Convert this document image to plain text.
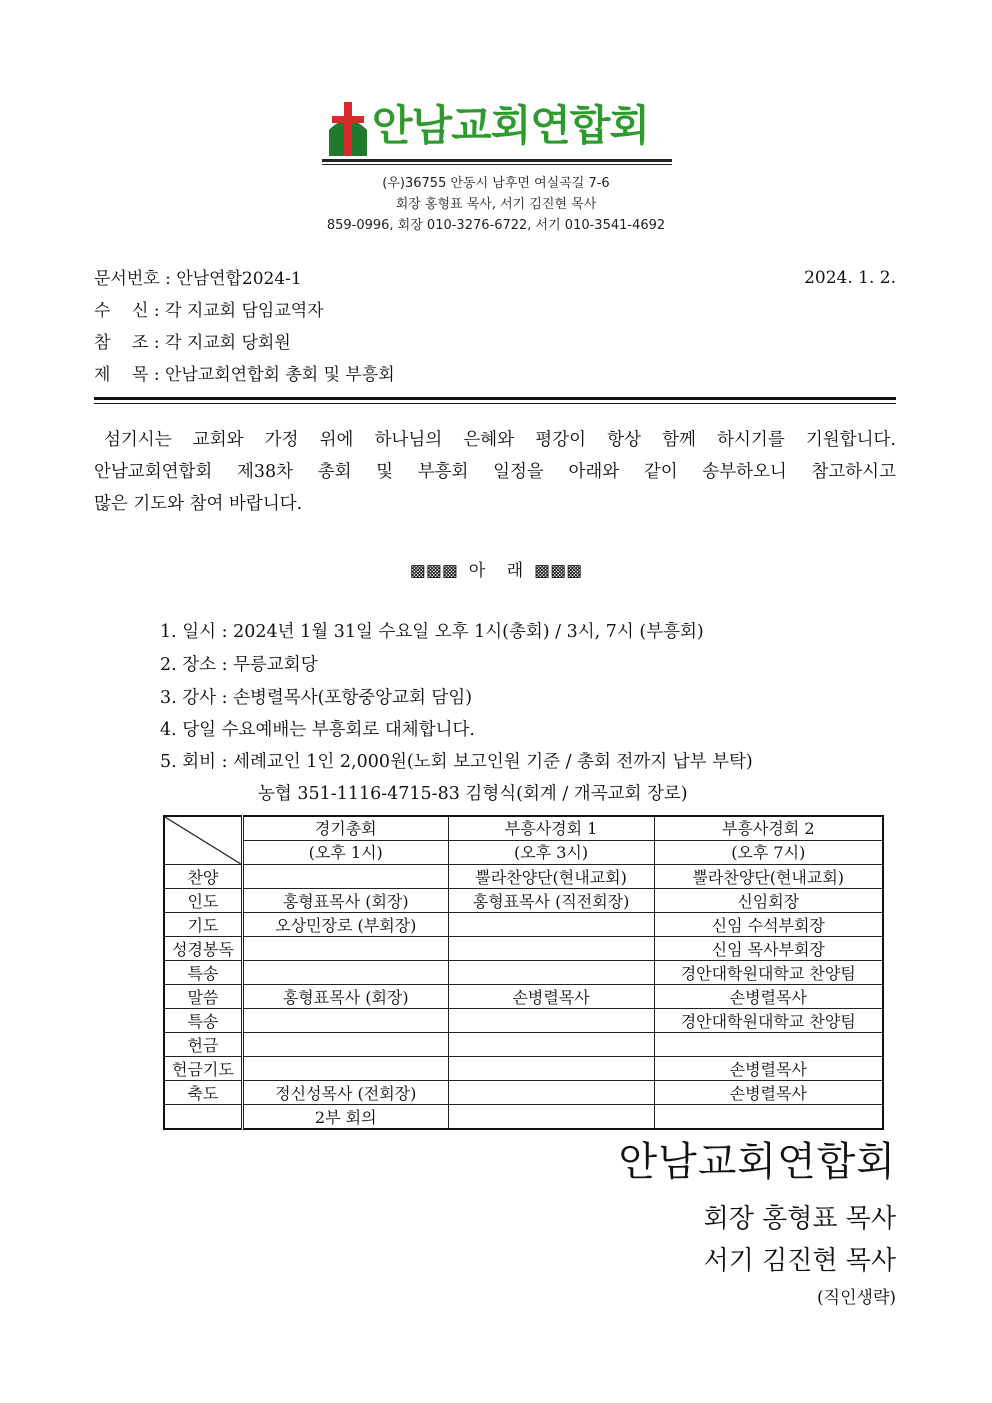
안남교회연합회
(우)36755 안동시 남후면 여실곡길 7-6
회장 홍형표 목사, 서기 김진현 목사
859-0996, 회장 010-3276-6722, 서기 010-3541-4692
문서번호 : 안남연합2024-1	2024. 1. 2.
수    신 : 각 지교회 담임교역자
참    조 : 각 지교회 당회원
제    목 : 안남교회연합회 총회 및 부흥회
섬기시는 교회와 가정 위에 하나님의 은혜와 평강이 항상 함께 하시기를 기원합니다.
안남교회연합회 제38차 총회 및 부흥회 일정을 아래와 같이 송부하오니 참고하시고
많은 기도와 참여 바랍니다.
▩▩▩  아    래  ▩▩▩
1. 일시 : 2024년 1월 31일 수요일 오후 1시(총회) / 3시, 7시 (부흥회)
2. 장소 : 무릉교회당
3. 강사 : 손병렬목사(포항중앙교회 담임)
4. 당일 수요예배는 부흥회로 대체합니다.
5. 회비 : 세례교인 1인 2,000원(노회 보고인원 기준 / 총회 전까지 납부 부탁)
농협 351-1116-4715-83 김형식(회계 / 개곡교회 장로)
	경기총회	부흥사경회 1	부흥사경회 2
	(오후 1시)	(오후 3시)	(오후 7시)
찬양		뿔라찬양단(현내교회)	뿔라찬양단(현내교회)
인도	홍형표목사 (회장)	홍형표목사 (직전회장)	신임회장
기도	오상민장로 (부회장)		신임 수석부회장
성경봉독			신임 목사부회장
특송			경안대학원대학교 찬양팀
말씀	홍형표목사 (회장)	손병렬목사	손병렬목사
특송			경안대학원대학교 찬양팀
헌금			
헌금기도			손병렬목사
축도	정신성목사 (전회장)		손병렬목사
	2부 회의		
안남교회연합회
회장 홍형표 목사
서기 김진현 목사
(직인생략)
